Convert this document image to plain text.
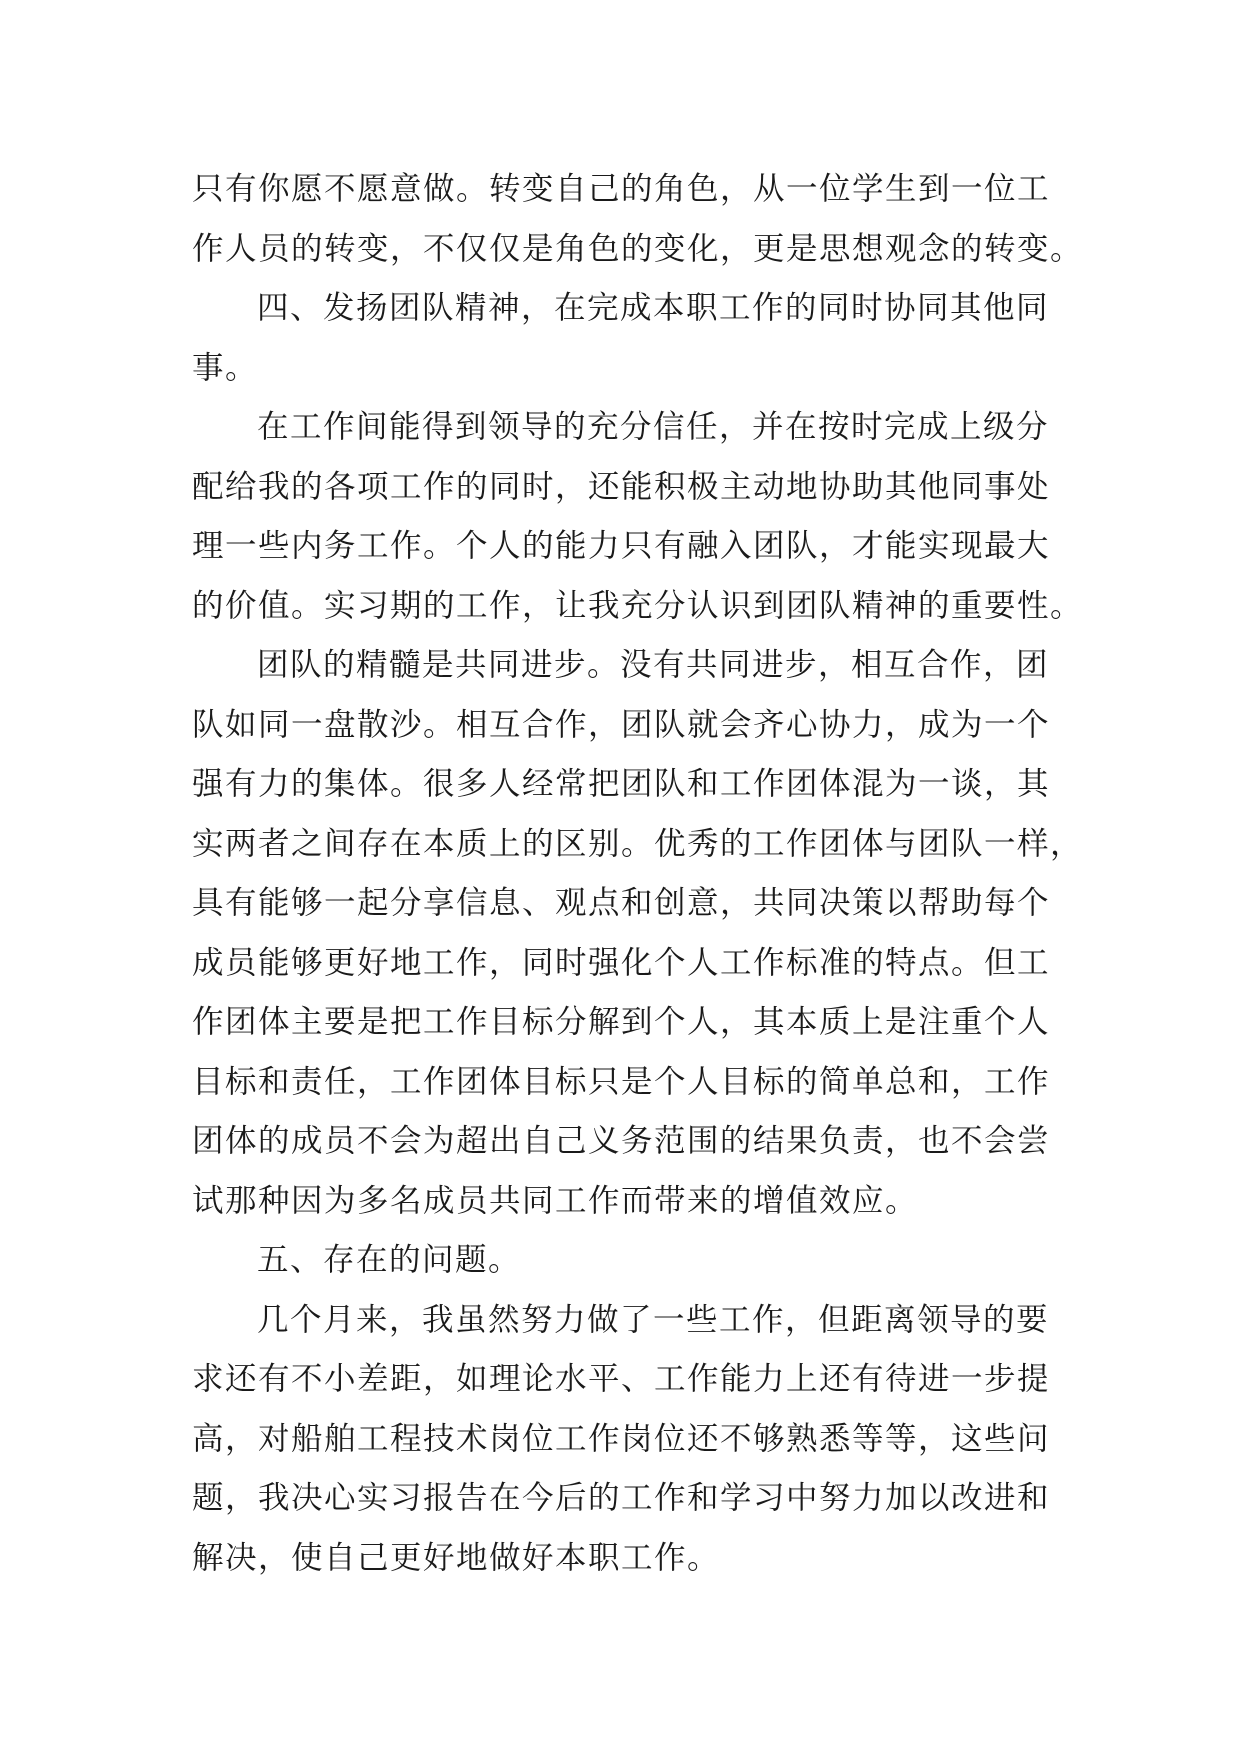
只有你愿不愿意做。转变自己的角色，从一位学生到一位工
作人员的转变，不仅仅是角色的变化，更是思想观念的转变。
四、发扬团队精神，在完成本职工作的同时协同其他同
事。
在工作间能得到领导的充分信任，并在按时完成上级分
配给我的各项工作的同时，还能积极主动地协助其他同事处
理一些内务工作。个人的能力只有融入团队，才能实现最大
的价值。实习期的工作，让我充分认识到团队精神的重要性。
团队的精髓是共同进步。没有共同进步，相互合作，团
队如同一盘散沙。相互合作，团队就会齐心协力，成为一个
强有力的集体。很多人经常把团队和工作团体混为一谈，其
实两者之间存在本质上的区别。优秀的工作团体与团队一样，
具有能够一起分享信息、观点和创意，共同决策以帮助每个
成员能够更好地工作，同时强化个人工作标准的特点。但工
作团体主要是把工作目标分解到个人，其本质上是注重个人
目标和责任，工作团体目标只是个人目标的简单总和，工作
团体的成员不会为超出自己义务范围的结果负责，也不会尝
试那种因为多名成员共同工作而带来的增值效应。
五、存在的问题。
几个月来，我虽然努力做了一些工作，但距离领导的要
求还有不小差距，如理论水平、工作能力上还有待进一步提
高，对船舶工程技术岗位工作岗位还不够熟悉等等，这些问
题，我决心实习报告在今后的工作和学习中努力加以改进和
解决，使自己更好地做好本职工作。
